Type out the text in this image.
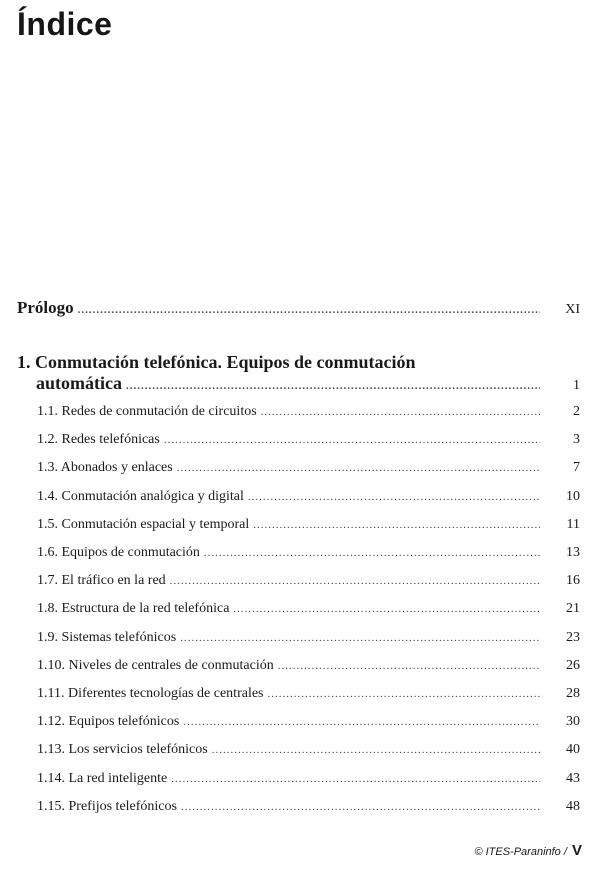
Índice
Prólogo .....	XI
1. Conmutación telefónica. Equipos de conmutación
automática .....	1
1.1. Redes de conmutación de circuitos .....	2
1.2. Redes telefónicas .....	3
1.3. Abonados y enlaces .....	7
1.4. Conmutación analógica y digital .....	10
1.5. Conmutación espacial y temporal .....	11
1.6. Equipos de conmutación .....	13
1.7. El tráfico en la red .....	16
1.8. Estructura de la red telefónica .....	21
1.9. Sistemas telefónicos .....	23
1.10. Niveles de centrales de conmutación .....	26
1.11. Diferentes tecnologías de centrales .....	28
1.12. Equipos telefónicos .....	30
1.13. Los servicios telefónicos .....	40
1.14. La red inteligente .....	43
1.15. Prefijos telefónicos .....	48
© ITES-Paraninfo / V
